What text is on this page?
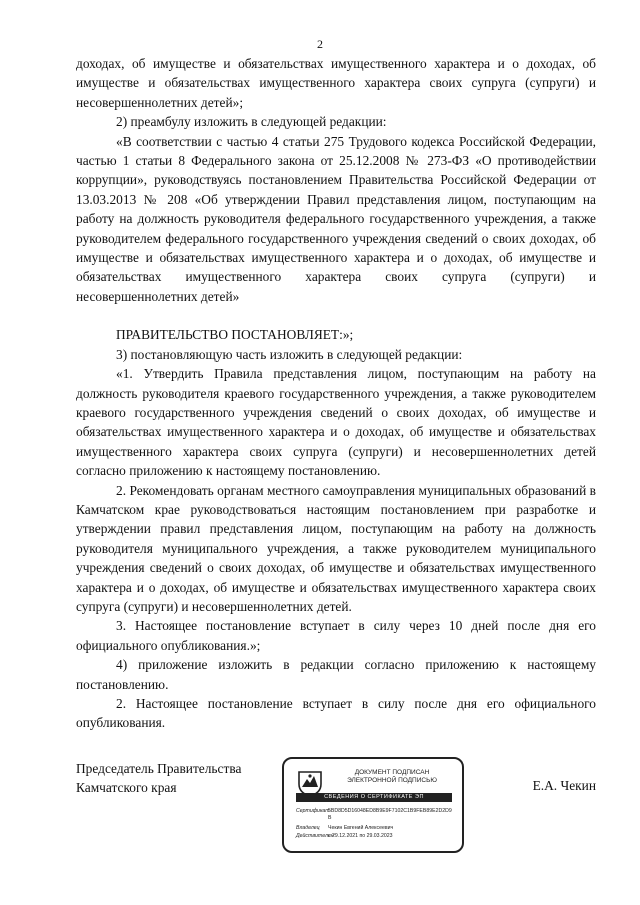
2

доходах, об имуществе и обязательствах имущественного характера и о доходах, об имуществе и обязательствах имущественного характера своих супруга (супруги) и несовершеннолетних детей»;

2) преамбулу изложить в следующей редакции:

«В соответствии с частью 4 статьи 275 Трудового кодекса Российской Федерации, частью 1 статьи 8 Федерального закона от 25.12.2008 № 273-ФЗ «О противодействии коррупции», руководствуясь постановлением Правительства Российской Федерации от 13.03.2013 № 208 «Об утверждении Правил представления лицом, поступающим на работу на должность руководителя федерального государственного учреждения, а также руководителем федерального государственного учреждения сведений о своих доходах, об имуществе и обязательствах имущественного характера и о доходах, об имуществе и обязательствах имущественного характера своих супруга (супруги) и несовершеннолетних детей»

ПРАВИТЕЛЬСТВО ПОСТАНОВЛЯЕТ:»;

3) постановляющую часть изложить в следующей редакции:

«1. Утвердить Правила представления лицом, поступающим на работу на должность руководителя краевого государственного учреждения, а также руководителем краевого государственного учреждения сведений о своих доходах, об имуществе и обязательствах имущественного характера и о доходах, об имуществе и обязательствах имущественного характера своих супруга (супруги) и несовершеннолетних детей согласно приложению к настоящему постановлению.

2. Рекомендовать органам местного самоуправления муниципальных образований в Камчатском крае руководствоваться настоящим постановлением при разработке и утверждении правил представления лицом, поступающим на работу на должность руководителя муниципального учреждения, а также руководителем муниципального учреждения сведений о своих доходах, об имуществе и обязательствах имущественного характера и о доходах, об имуществе и обязательствах имущественного характера своих супруга (супруги) и несовершеннолетних детей.

3. Настоящее постановление вступает в силу через 10 дней после дня его официального опубликования.»;

4) приложение изложить в редакции согласно приложению к настоящему постановлению.

2. Настоящее постановление вступает в силу после дня его официального опубликования.

Председатель Правительства
Камчатского края
ДОКУМЕНТ ПОДПИСАН
ЭЛЕКТРОННОЙ ПОДПИСЬЮ
СВЕДЕНИЯ О СЕРТИФИКАТЕ ЭП
Сертификат
5BD8D5D16048ED8B9E9F7102C1B9FEB89E2D2D9B
Владелец	Чекин Евгений Алексеевич
Действителен
с 29.12.2021 по 29.03.2023
Е.А. Чекин
